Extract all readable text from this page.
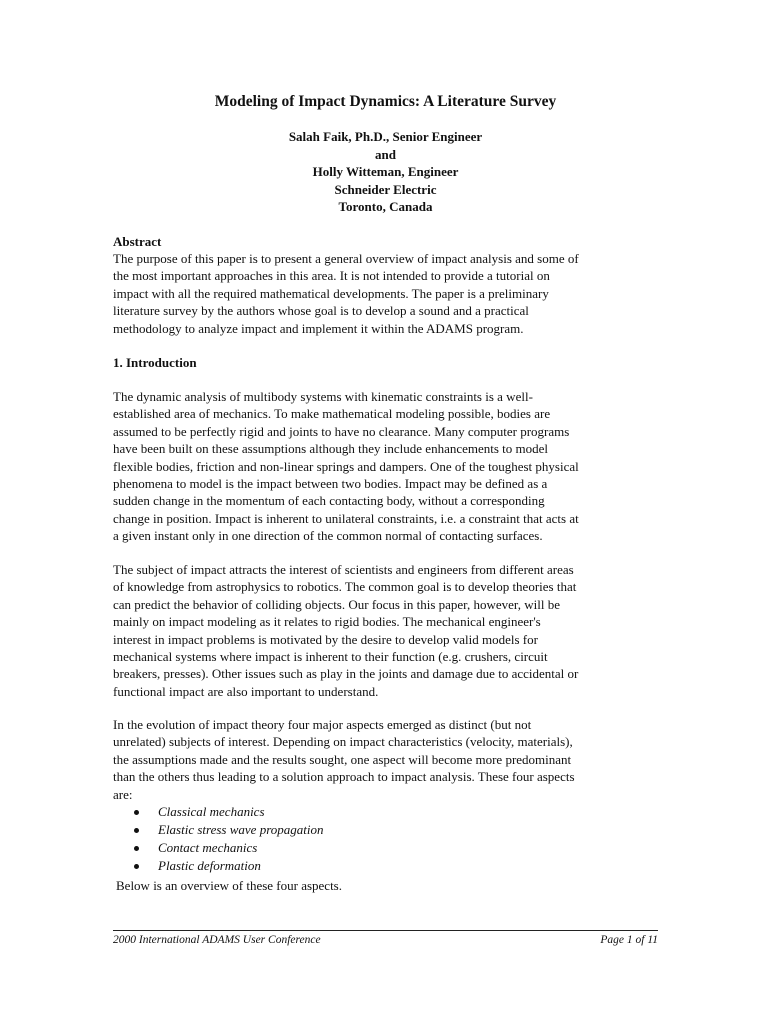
Modeling of Impact Dynamics: A Literature Survey
Salah Faik, Ph.D., Senior Engineer
and
Holly Witteman, Engineer
Schneider Electric
Toronto, Canada
Abstract

The purpose of this paper is to present a general overview of impact analysis and some of
the most important approaches in this area. It is not intended to provide a tutorial on
impact with all the required mathematical developments. The paper is a preliminary
literature survey by the authors whose goal is to develop a sound and a practical
methodology to analyze impact and implement it within the ADAMS program.

1. Introduction

The dynamic analysis of multibody systems with kinematic constraints is a well-
established area of mechanics. To make mathematical modeling possible, bodies are
assumed to be perfectly rigid and joints to have no clearance. Many computer programs
have been built on these assumptions although they include enhancements to model
flexible bodies, friction and non-linear springs and dampers. One of the toughest physical
phenomena to model is the impact between two bodies. Impact may be defined as a
sudden change in the momentum of each contacting body, without a corresponding
change in position. Impact is inherent to unilateral constraints, i.e. a constraint that acts at
a given instant only in one direction of the common normal of contacting surfaces.

The subject of impact attracts the interest of scientists and engineers from different areas
of knowledge from astrophysics to robotics. The common goal is to develop theories that
can predict the behavior of colliding objects. Our focus in this paper, however, will be
mainly on impact modeling as it relates to rigid bodies. The mechanical engineer's
interest in impact problems is motivated by the desire to develop valid models for
mechanical systems where impact is inherent to their function (e.g. crushers, circuit
breakers, presses). Other issues such as play in the joints and damage due to accidental or
functional impact are also important to understand.

In the evolution of impact theory four major aspects emerged as distinct (but not
unrelated) subjects of interest. Depending on impact characteristics (velocity, materials),
the assumptions made and the results sought, one aspect will become more predominant
than the others thus leading to a solution approach to impact analysis. These four aspects
are:

Classical mechanics
Elastic stress wave propagation
Contact mechanics
Plastic deformation
Below is an overview of these four aspects.
2000 International ADAMS User Conference	Page 1 of 11
